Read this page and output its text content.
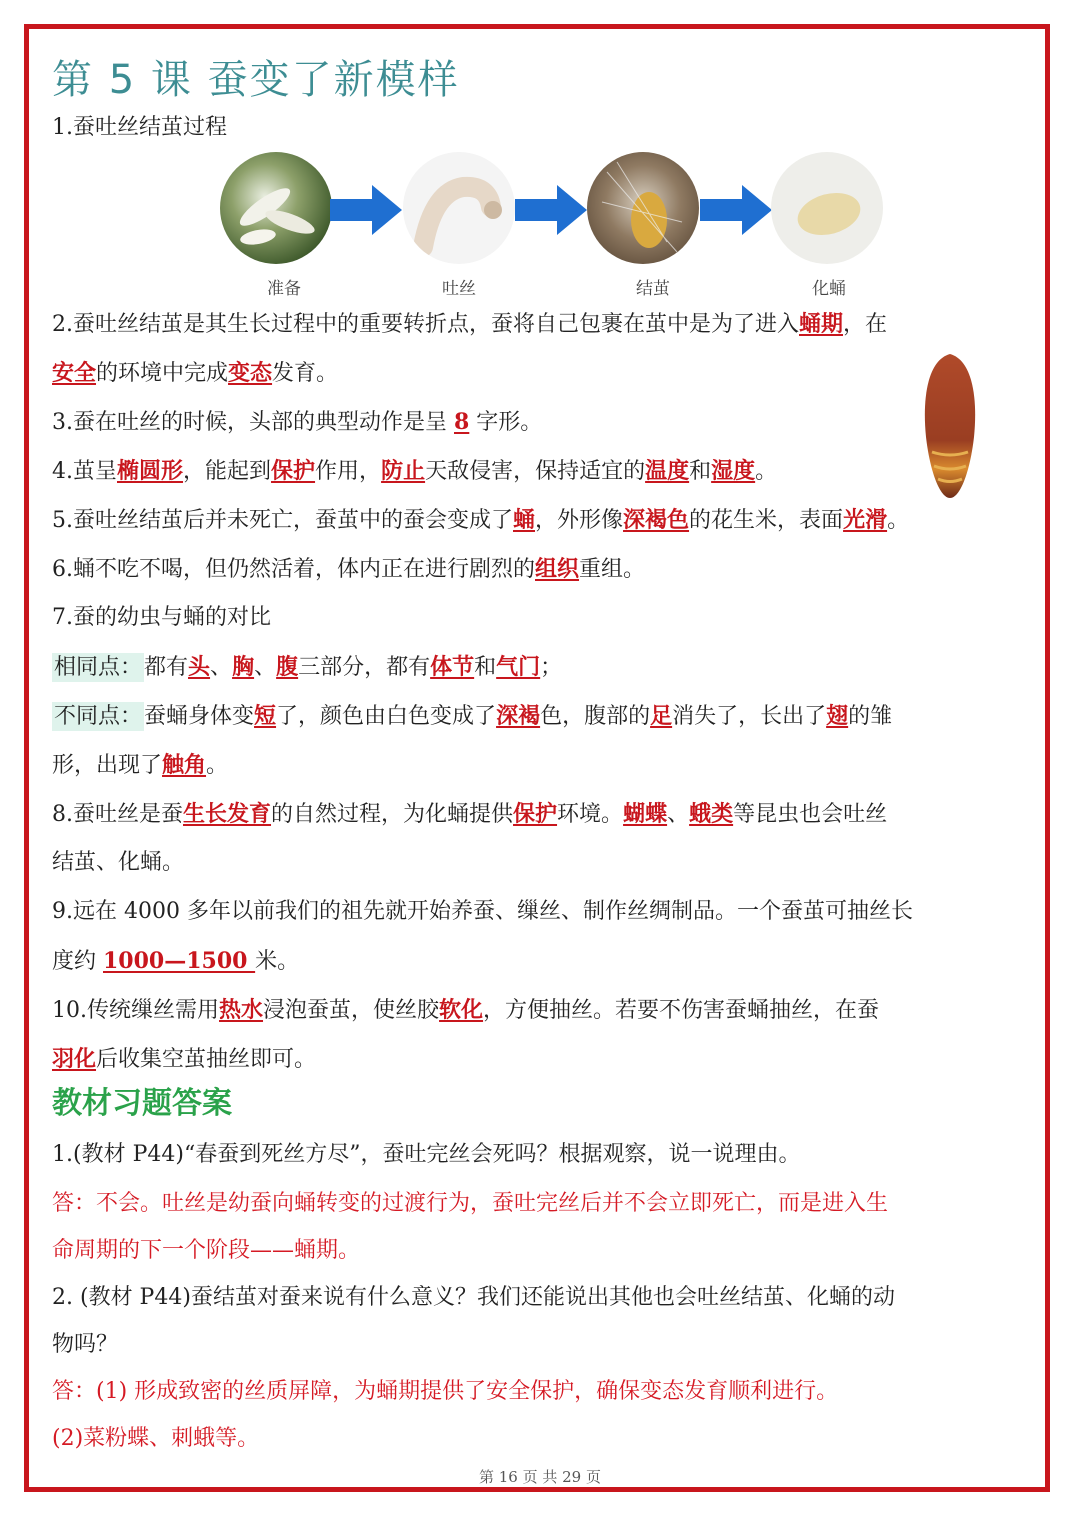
第 5 课 蚕变了新模样
1.蚕吐丝结茧过程
准备	吐丝	结茧	化蛹
2.蚕吐丝结茧是其生长过程中的重要转折点，蚕将自己包裹在茧中是为了进入蛹期，在
安全的环境中完成变态发育。
3.蚕在吐丝的时候，头部的典型动作是呈 8 字形。
4.茧呈椭圆形，能起到保护作用，防止天敌侵害，保持适宜的温度和湿度。
5.蚕吐丝结茧后并未死亡，蚕茧中的蚕会变成了蛹，外形像深褐色的花生米，表面光滑。
6.蛹不吃不喝，但仍然活着，体内正在进行剧烈的组织重组。
7.蚕的幼虫与蛹的对比
相同点：都有头、胸、腹三部分，都有体节和气门；
不同点：蚕蛹身体变短了，颜色由白色变成了深褐色，腹部的足消失了，长出了翅的雏
形，出现了触角。
8.蚕吐丝是蚕生长发育的自然过程，为化蛹提供保护环境。蝴蝶、蛾类等昆虫也会吐丝
结茧、化蛹。
9.远在 4000 多年以前我们的祖先就开始养蚕、缫丝、制作丝绸制品。一个蚕茧可抽丝长
度约 1000—1500 米。
10.传统缫丝需用热水浸泡蚕茧，使丝胶软化，方便抽丝。若要不伤害蚕蛹抽丝，在蚕
羽化后收集空茧抽丝即可。
教材习题答案
1.(教材 P44)“春蚕到死丝方尽”，蚕吐完丝会死吗？根据观察，说一说理由。
答：不会。吐丝是幼蚕向蛹转变的过渡行为，蚕吐完丝后并不会立即死亡，而是进入生
命周期的下一个阶段——蛹期。
2. (教材 P44)蚕结茧对蚕来说有什么意义？我们还能说出其他也会吐丝结茧、化蛹的动
物吗？
答：(1) 形成致密的丝质屏障，为蛹期提供了安全保护，确保变态发育顺利进行。
(2)菜粉蝶、刺蛾等。
第 16 页 共 29 页
